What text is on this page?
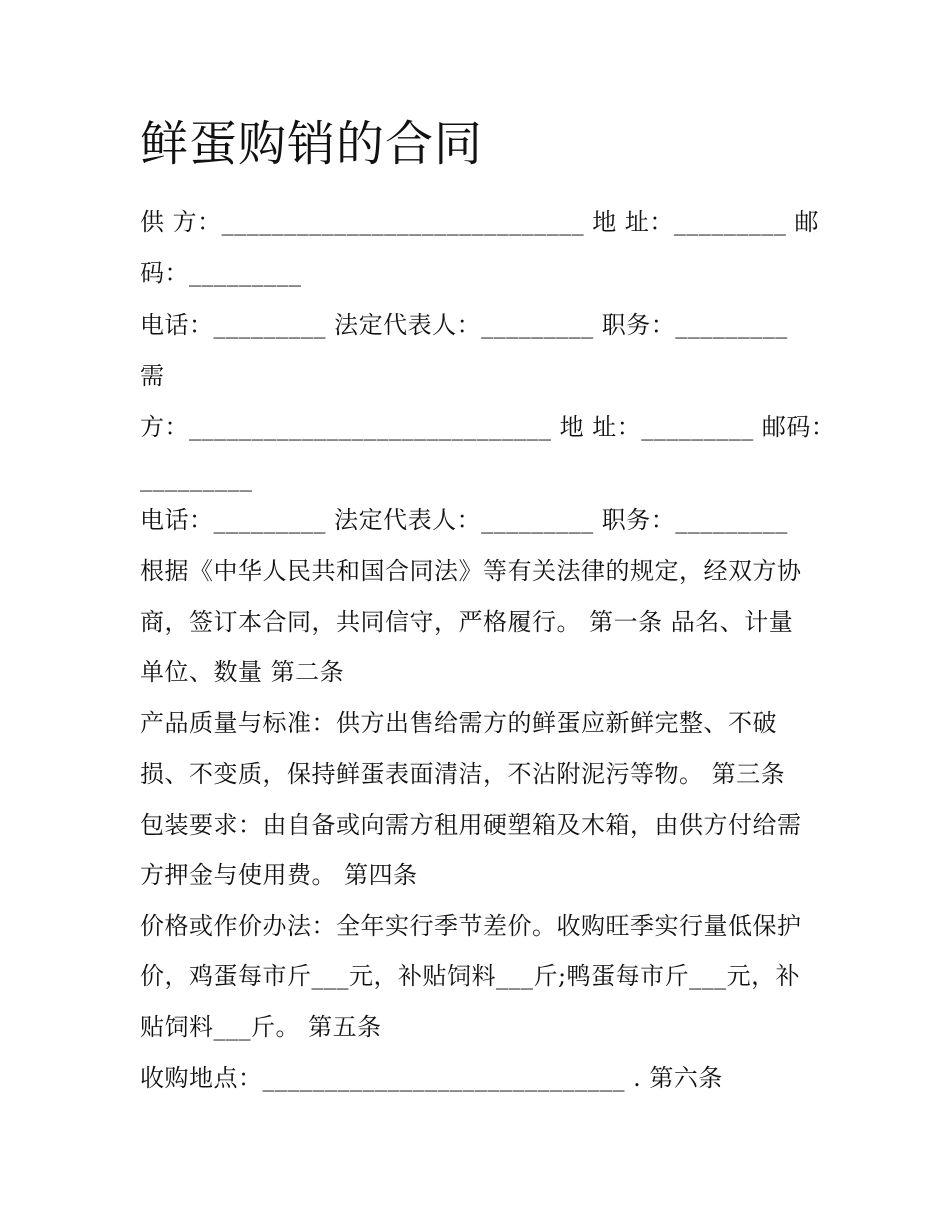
鲜蛋购销的合同
供 方：_____________________________ 地 址：_________ 邮
码：_________
电话：_________ 法定代表人：_________ 职务：_________
需
方：_____________________________ 地 址：_________ 邮码：
_________
电话：_________ 法定代表人：_________ 职务：_________
根据《中华人民共和国合同法》等有关法律的规定，经双方协
商，签订本合同，共同信守，严格履行。 第一条 品名、计量
单位、数量 第二条
产品质量与标准：供方出售给需方的鲜蛋应新鲜完整、不破
损、不变质，保持鲜蛋表面清洁，不沾附泥污等物。 第三条
包装要求：由自备或向需方租用硬塑箱及木箱，由供方付给需
方押金与使用费。 第四条
价格或作价办法：全年实行季节差价。收购旺季实行量低保护
价，鸡蛋每市斤___元，补贴饲料___斤;鸭蛋每市斤___元，补
贴饲料___斤。 第五条
收购地点：_____________________________ . 第六条
